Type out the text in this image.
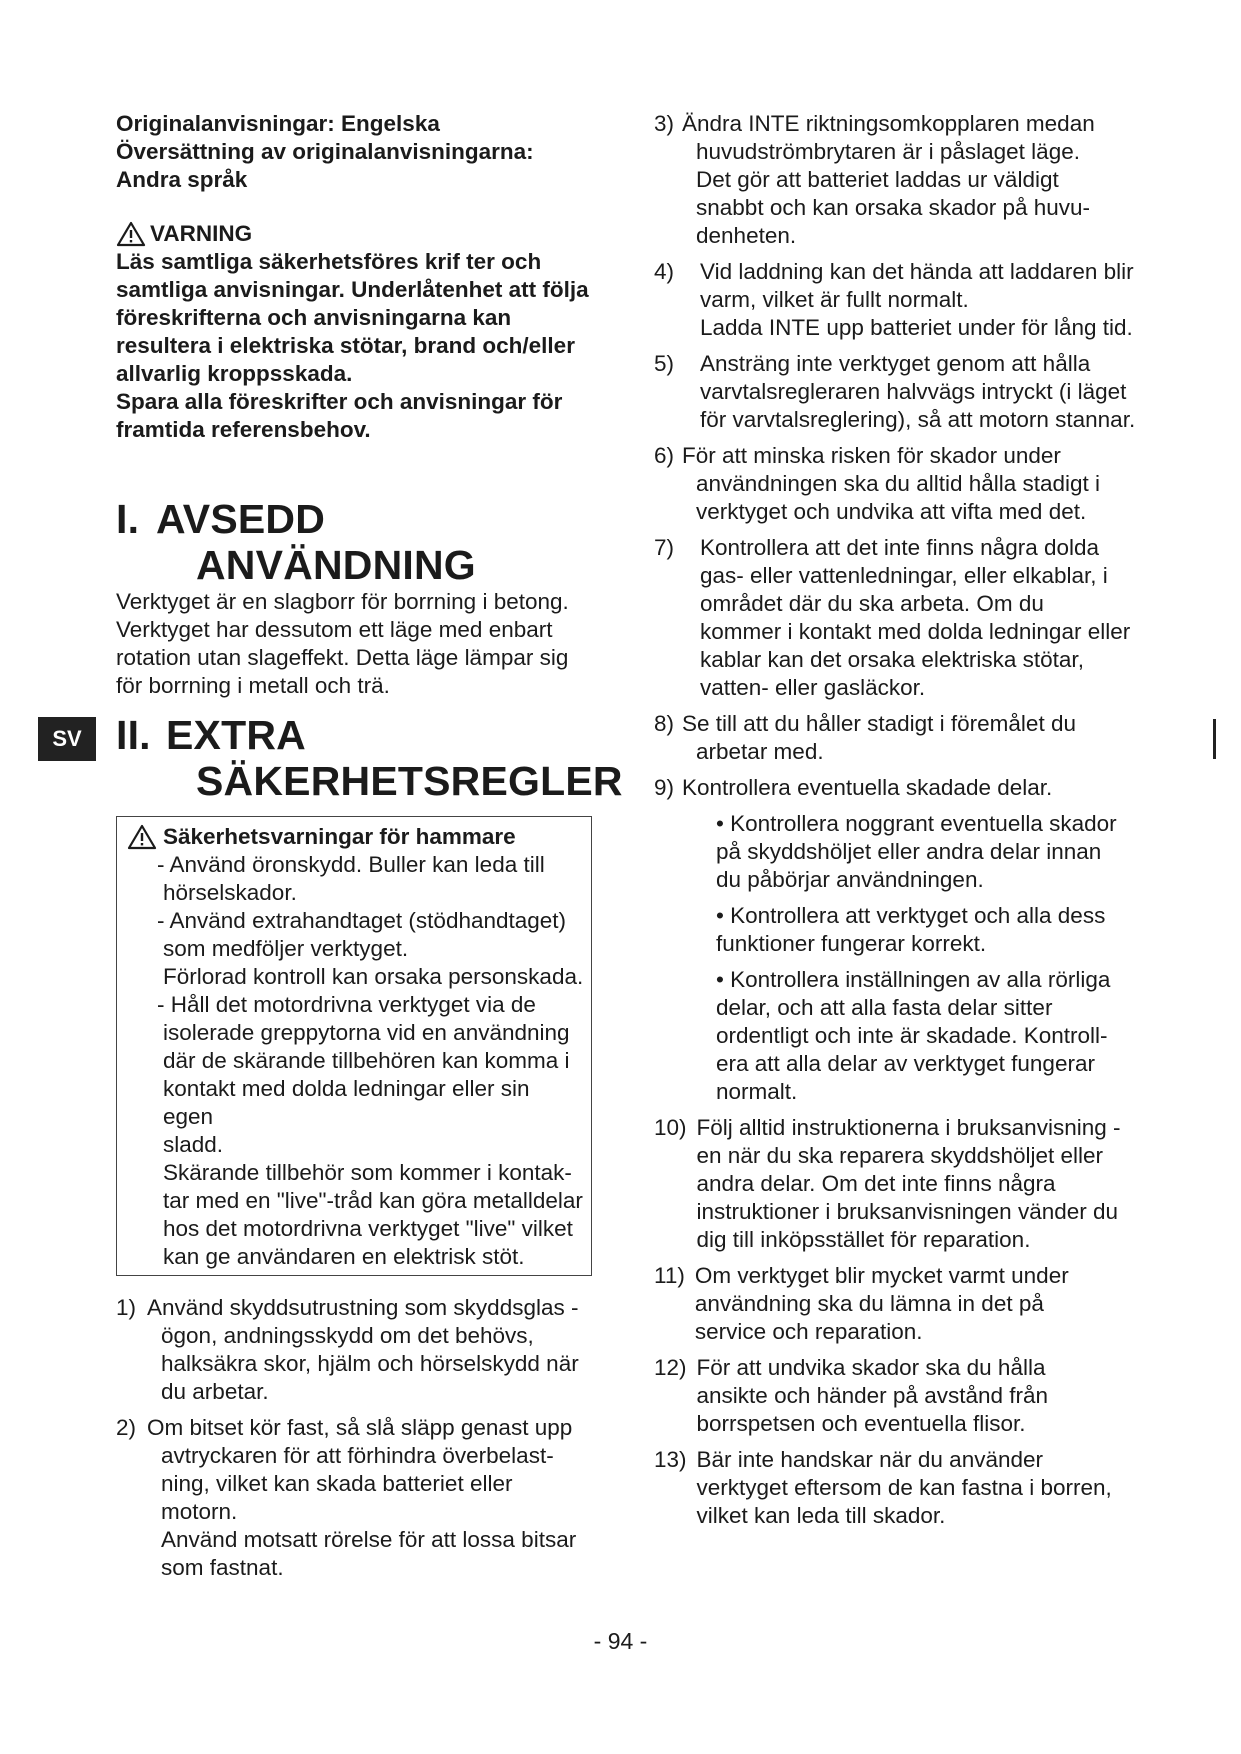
SV
Originalanvisningar: Engelska
Översättning av originalanvisningarna:
Andra språk
VARNING
Läs samtliga säkerhetsföres krif ter och
samtliga anvisningar. Underlåtenhet att följa
föreskrifterna och anvisningarna kan
resultera i elektriska stötar, brand och/eller
allvarlig kroppsskada.
Spara alla föreskrifter och anvisningar för
framtida referensbehov.
I. AVSEDD
ANVÄNDNING
Verktyget är en slagborr för borrning i betong.
Verktyget har dessutom ett läge med enbart
rotation utan slageffekt. Detta läge lämpar sig
för borrning i metall och trä.
II. EXTRA
SÄKERHETSREGLER
Säkerhetsvarningar för hammare
- Använd öronskydd. Buller kan leda till
hörselskador.
- Använd extrahandtaget (stödhandtaget)
som medföljer verktyget.
Förlorad kontroll kan orsaka personskada.
- Håll det motordrivna verktyget via de
isolerade greppytorna vid en användning
där de skärande tillbehören kan komma i
kontakt med dolda ledningar eller sin egen
sladd.
Skärande tillbehör som kommer i kontak-
tar med en "live"-tråd kan göra metalldelar
hos det motordrivna verktyget "live" vilket
kan ge användaren en elektrisk stöt.
1) Använd skyddsutrustning som skyddsglas -
ögon, andningsskydd om det behövs,
halksäkra skor, hjälm och hörselskydd när
du arbetar.
2) Om bitset kör fast, så slå släpp genast upp
avtryckaren för att förhindra överbelast-
ning, vilket kan skada batteriet eller
motorn.
Använd motsatt rörelse för att lossa bitsar
som fastnat.
3) Ändra INTE riktningsomkopplaren medan
huvudströmbrytaren är i påslaget läge.
Det gör att batteriet laddas ur väldigt
snabbt och kan orsaka skador på huvu-
denheten.
4)	Vid laddning kan det hända att laddaren blir
varm, vilket är fullt normalt.
Ladda INTE upp batteriet under för lång tid.
5)	Ansträng inte verktyget genom att hålla
varvtalsregleraren halvvägs intryckt (i läget
för varvtalsreglering), så att motorn stannar.
6) För att minska risken för skador under
användningen ska du alltid hålla stadigt i
verktyget och undvika att vifta med det.
7)	Kontrollera att det inte finns några dolda
gas- eller vattenledningar, eller elkablar, i
området där du ska arbeta. Om du
kommer i kontakt med dolda ledningar eller
kablar kan det orsaka elektriska stötar,
vatten- eller gasläckor.
8) Se till att du håller stadigt i föremålet du
arbetar med.
9) Kontrollera eventuella skadade delar.
• Kontrollera noggrant eventuella skador
på skyddshöljet eller andra delar innan
du påbörjar användningen.
• Kontrollera att verktyget och alla dess
funktioner fungerar korrekt.
• Kontrollera inställningen av alla rörliga
delar, och att alla fasta delar sitter
ordentligt och inte är skadade. Kontroll-
era att alla delar av verktyget fungerar
normalt.
10) Följ alltid instruktionerna i bruksanvisning -
en när du ska reparera skyddshöljet eller
andra delar. Om det inte finns några
instruktioner i bruksanvisningen vänder du
dig till inköpsstället för reparation.
11) Om verktyget blir mycket varmt under
användning ska du lämna in det på
service och reparation.
12) För att undvika skador ska du hålla
ansikte och händer på avstånd från
borrspetsen och eventuella flisor.
13) Bär inte handskar när du använder
verktyget eftersom de kan fastna i borren,
vilket kan leda till skador.
- 94 -
